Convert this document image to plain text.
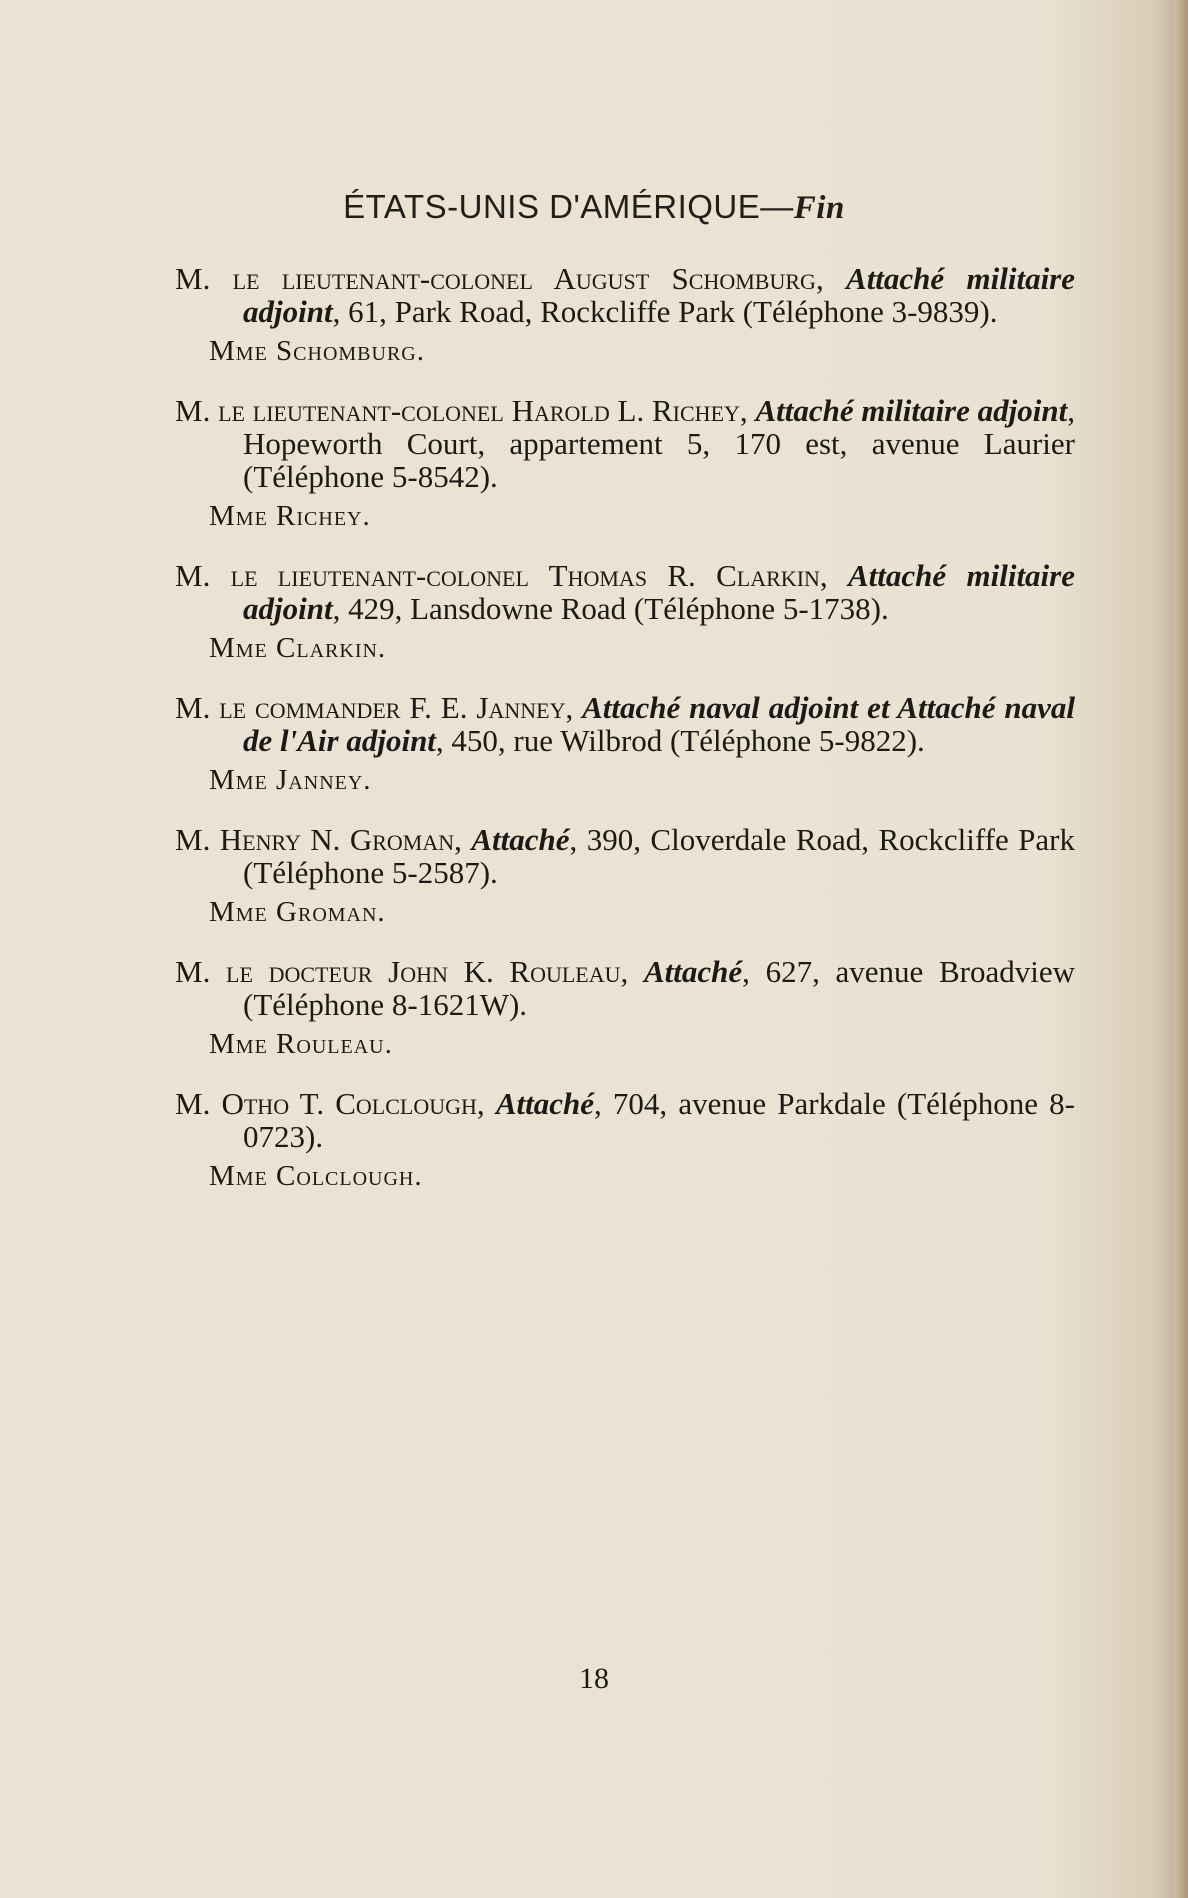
ÉTATS-UNIS D'AMÉRIQUE—Fin
M. le lieutenant-colonel August Schomburg, Attaché militaire adjoint, 61, Park Road, Rockcliffe Park (Téléphone 3-9839).
Mme Schomburg.
M. le lieutenant-colonel Harold L. Richey, Attaché militaire adjoint, Hopeworth Court, appartement 5, 170 est, avenue Laurier (Téléphone 5-8542).
Mme Richey.
M. le lieutenant-colonel Thomas R. Clarkin, Attaché militaire adjoint, 429, Lansdowne Road (Téléphone 5-1738).
Mme Clarkin.
M. le commander F. E. Janney, Attaché naval adjoint et Attaché naval de l'Air adjoint, 450, rue Wilbrod (Téléphone 5-9822).
Mme Janney.
M. Henry N. Groman, Attaché, 390, Cloverdale Road, Rockcliffe Park (Téléphone 5-2587).
Mme Groman.
M. le docteur John K. Rouleau, Attaché, 627, avenue Broadview (Téléphone 8-1621W).
Mme Rouleau.
M. Otho T. Colclough, Attaché, 704, avenue Parkdale (Téléphone 8-0723).
Mme Colclough.
18
